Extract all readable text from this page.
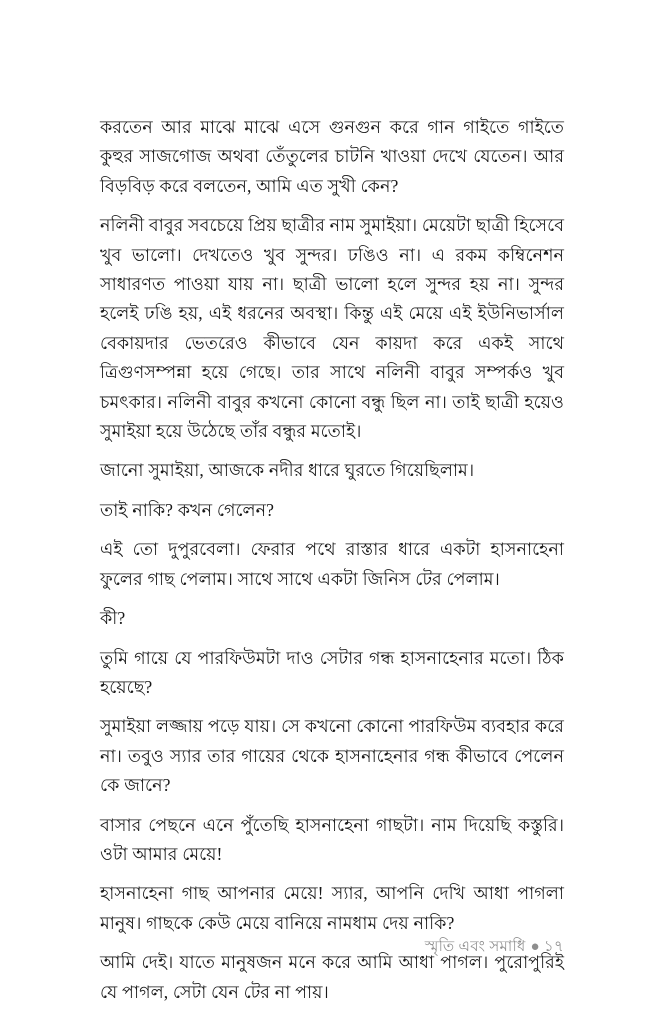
করতেন আর মাঝে মাঝে এসে গুনগুন করে গান গাইতে গাইতে কুহুর সাজগোজ অথবা তেঁতুলের চাটনি খাওয়া দেখে যেতেন। আর বিড়বিড় করে বলতেন, আমি এত সুখী কেন?

নলিনী বাবুর সবচেয়ে প্রিয় ছাত্রীর নাম সুমাইয়া। মেয়েটা ছাত্রী হিসেবে খুব ভালো। দেখতেও খুব সুন্দর। ঢঙিও না। এ রকম কম্বিনেশন সাধারণত পাওয়া যায় না। ছাত্রী ভালো হলে সুন্দর হয় না। সুন্দর হলেই ঢঙি হয়, এই ধরনের অবস্থা। কিন্তু এই মেয়ে এই ইউনিভার্সাল বেকায়দার ভেতরেও কীভাবে যেন কায়দা করে একই সাথে ত্রিগুণসম্পন্না হয়ে গেছে। তার সাথে নলিনী বাবুর সম্পর্কও খুব চমৎকার। নলিনী বাবুর কখনো কোনো বন্ধু ছিল না। তাই ছাত্রী হয়েও সুমাইয়া হয়ে উঠেছে তাঁর বন্ধুর মতোই।

জানো সুমাইয়া, আজকে নদীর ধারে ঘুরতে গিয়েছিলাম।

তাই নাকি? কখন গেলেন?

এই তো দুপুরবেলা। ফেরার পথে রাস্তার ধারে একটা হাসনাহেনা ফুলের গাছ পেলাম। সাথে সাথে একটা জিনিস টের পেলাম।

কী?

তুমি গায়ে যে পারফিউমটা দাও সেটার গন্ধ হাসনাহেনার মতো। ঠিক হয়েছে?

সুমাইয়া লজ্জায় পড়ে যায়। সে কখনো কোনো পারফিউম ব্যবহার করে না। তবুও স্যার তার গায়ের থেকে হাসনাহেনার গন্ধ কীভাবে পেলেন কে জানে?

বাসার পেছনে এনে পুঁতেছি হাসনাহেনা গাছটা। নাম দিয়েছি কস্তুরি। ওটা আমার মেয়ে!

হাসনাহেনা গাছ আপনার মেয়ে! স্যার, আপনি দেখি আধা পাগলা মানুষ। গাছকে কেউ মেয়ে বানিয়ে নামধাম দেয় নাকি?

আমি দেই। যাতে মানুষজন মনে করে আমি আধা পাগল। পুরোপুরিই যে পাগল, সেটা যেন টের না পায়।

স্মৃতি এবং সমাধি ● ১৭
